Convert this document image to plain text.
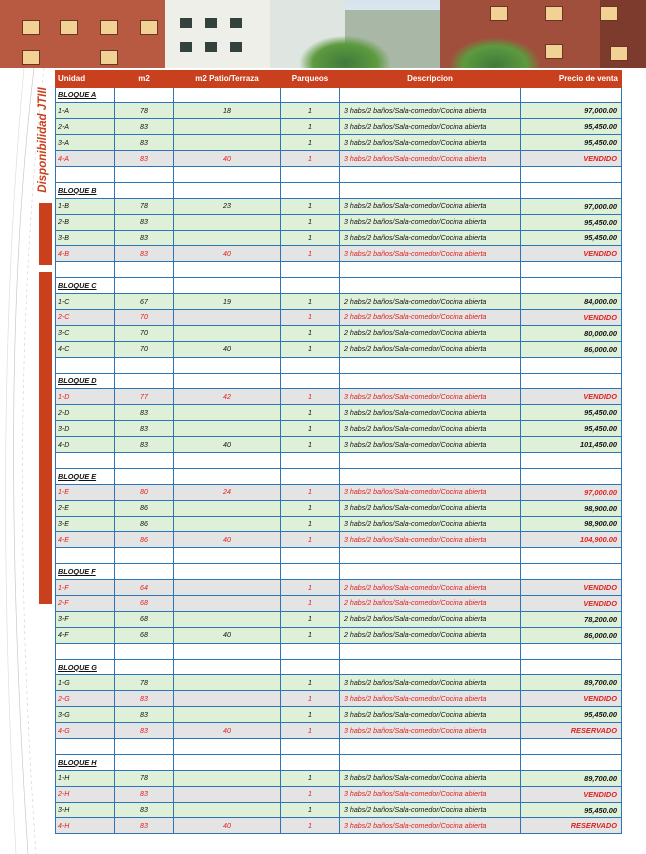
Disponibilidad JTIII
Unidad	m2	m2 Patio/Terraza	Parqueos	Descripcion	Precio de venta
BLOQUE A					
1-A	78	18	1	3 habs/2 baños/Sala-comedor/Cocina abierta	97,000.00
2-A	83		1	3 habs/2 baños/Sala-comedor/Cocina abierta	95,450.00
3-A	83		1	3 habs/2 baños/Sala-comedor/Cocina abierta	95,450.00
4-A	83	40	1	3 habs/2 baños/Sala-comedor/Cocina abierta	VENDIDO

BLOQUE B					
1-B	78	23	1	3 habs/2 baños/Sala-comedor/Cocina abierta	97,000.00
2-B	83		1	3 habs/2 baños/Sala-comedor/Cocina abierta	95,450.00
3-B	83		1	3 habs/2 baños/Sala-comedor/Cocina abierta	95,450.00
4-B	83	40	1	3 habs/2 baños/Sala-comedor/Cocina abierta	VENDIDO

BLOQUE C					
1-C	67	19	1	2 habs/2 baños/Sala-comedor/Cocina abierta	84,000.00
2-C	70		1	2 habs/2 baños/Sala-comedor/Cocina abierta	VENDIDO
3-C	70		1	2 habs/2 baños/Sala-comedor/Cocina abierta	80,000.00
4-C	70	40	1	2 habs/2 baños/Sala-comedor/Cocina abierta	86,000.00

BLOQUE D					
1-D	77	42	1	3 habs/2 baños/Sala-comedor/Cocina abierta	VENDIDO
2-D	83		1	3 habs/2 baños/Sala-comedor/Cocina abierta	95,450.00
3-D	83		1	3 habs/2 baños/Sala-comedor/Cocina abierta	95,450.00
4-D	83	40	1	3 habs/2 baños/Sala-comedor/Cocina abierta	101,450.00

BLOQUE E					
1-E	80	24	1	3 habs/2 baños/Sala-comedor/Cocina abierta	97,000.00
2-E	86		1	3 habs/2 baños/Sala-comedor/Cocina abierta	98,900.00
3-E	86		1	3 habs/2 baños/Sala-comedor/Cocina abierta	98,900.00
4-E	86	40	1	3 habs/2 baños/Sala-comedor/Cocina abierta	104,900.00

BLOQUE F					
1-F	64		1	2 habs/2 baños/Sala-comedor/Cocina abierta	VENDIDO
2-F	68		1	2 habs/2 baños/Sala-comedor/Cocina abierta	VENDIDO
3-F	68		1	2 habs/2 baños/Sala-comedor/Cocina abierta	78,200.00
4-F	68	40	1	2 habs/2 baños/Sala-comedor/Cocina abierta	86,000.00

BLOQUE G					
1-G	78		1	3 habs/2 baños/Sala-comedor/Cocina abierta	89,700.00
2-G	83		1	3 habs/2 baños/Sala-comedor/Cocina abierta	VENDIDO
3-G	83		1	3 habs/2 baños/Sala-comedor/Cocina abierta	95,450.00
4-G	83	40	1	3 habs/2 baños/Sala-comedor/Cocina abierta	RESERVADO

BLOQUE H					
1-H	78		1	3 habs/2 baños/Sala-comedor/Cocina abierta	89,700.00
2-H	83		1	3 habs/2 baños/Sala-comedor/Cocina abierta	VENDIDO
3-H	83		1	3 habs/2 baños/Sala-comedor/Cocina abierta	95,450.00
4-H	83	40	1	3 habs/2 baños/Sala-comedor/Cocina abierta	RESERVADO
